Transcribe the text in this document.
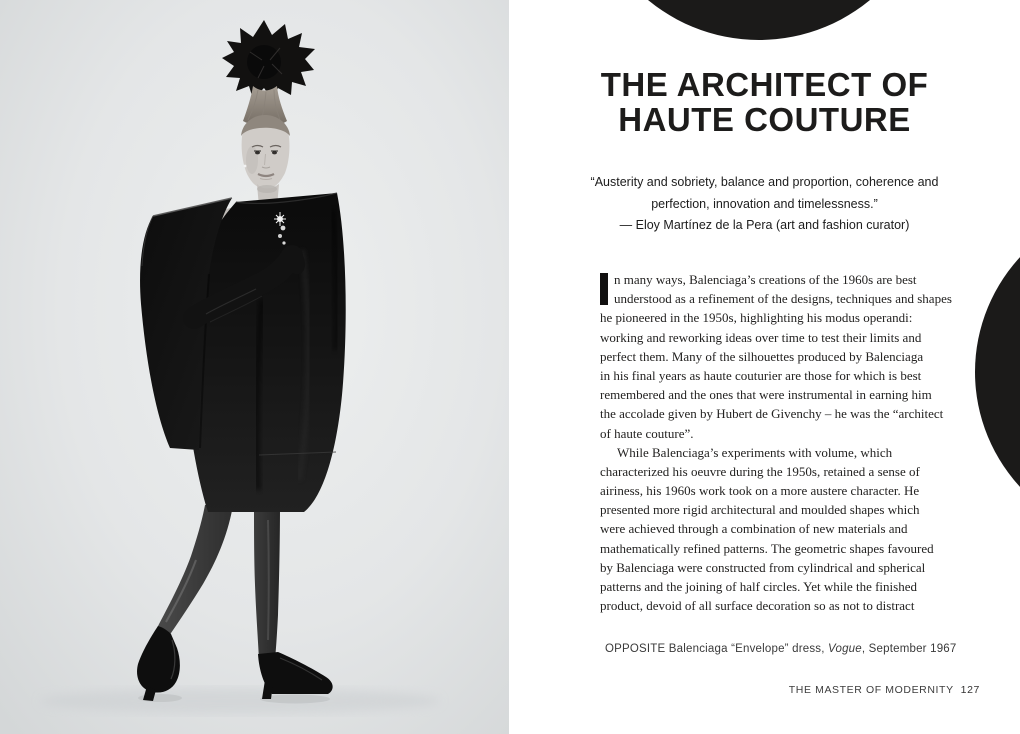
THE ARCHITECT OF
HAUTE COUTURE
“Austerity and sobriety, balance and proportion, coherence and
perfection, innovation and timelessness.”
— Eloy Martínez de la Pera (art and fashion curator)
n many ways, Balenciaga’s creations of the 1960s are best
understood as a refinement of the designs, techniques and shapes
he pioneered in the 1950s, highlighting his modus operandi:
working and reworking ideas over time to test their limits and
perfect them. Many of the silhouettes produced by Balenciaga
in his final years as haute couturier are those for which is best
remembered and the ones that were instrumental in earning him
the accolade given by Hubert de Givenchy – he was the “architect
of haute couture”.
While Balenciaga’s experiments with volume, which
characterized his oeuvre during the 1950s, retained a sense of
airiness, his 1960s work took on a more austere character. He
presented more rigid architectural and moulded shapes which
were achieved through a combination of new materials and
mathematically refined patterns. The geometric shapes favoured
by Balenciaga were constructed from cylindrical and spherical
patterns and the joining of half circles. Yet while the finished
product, devoid of all surface decoration so as not to distract
OPPOSITE Balenciaga “Envelope” dress, Vogue, September 1967
THE MASTER OF MODERNITY 127
